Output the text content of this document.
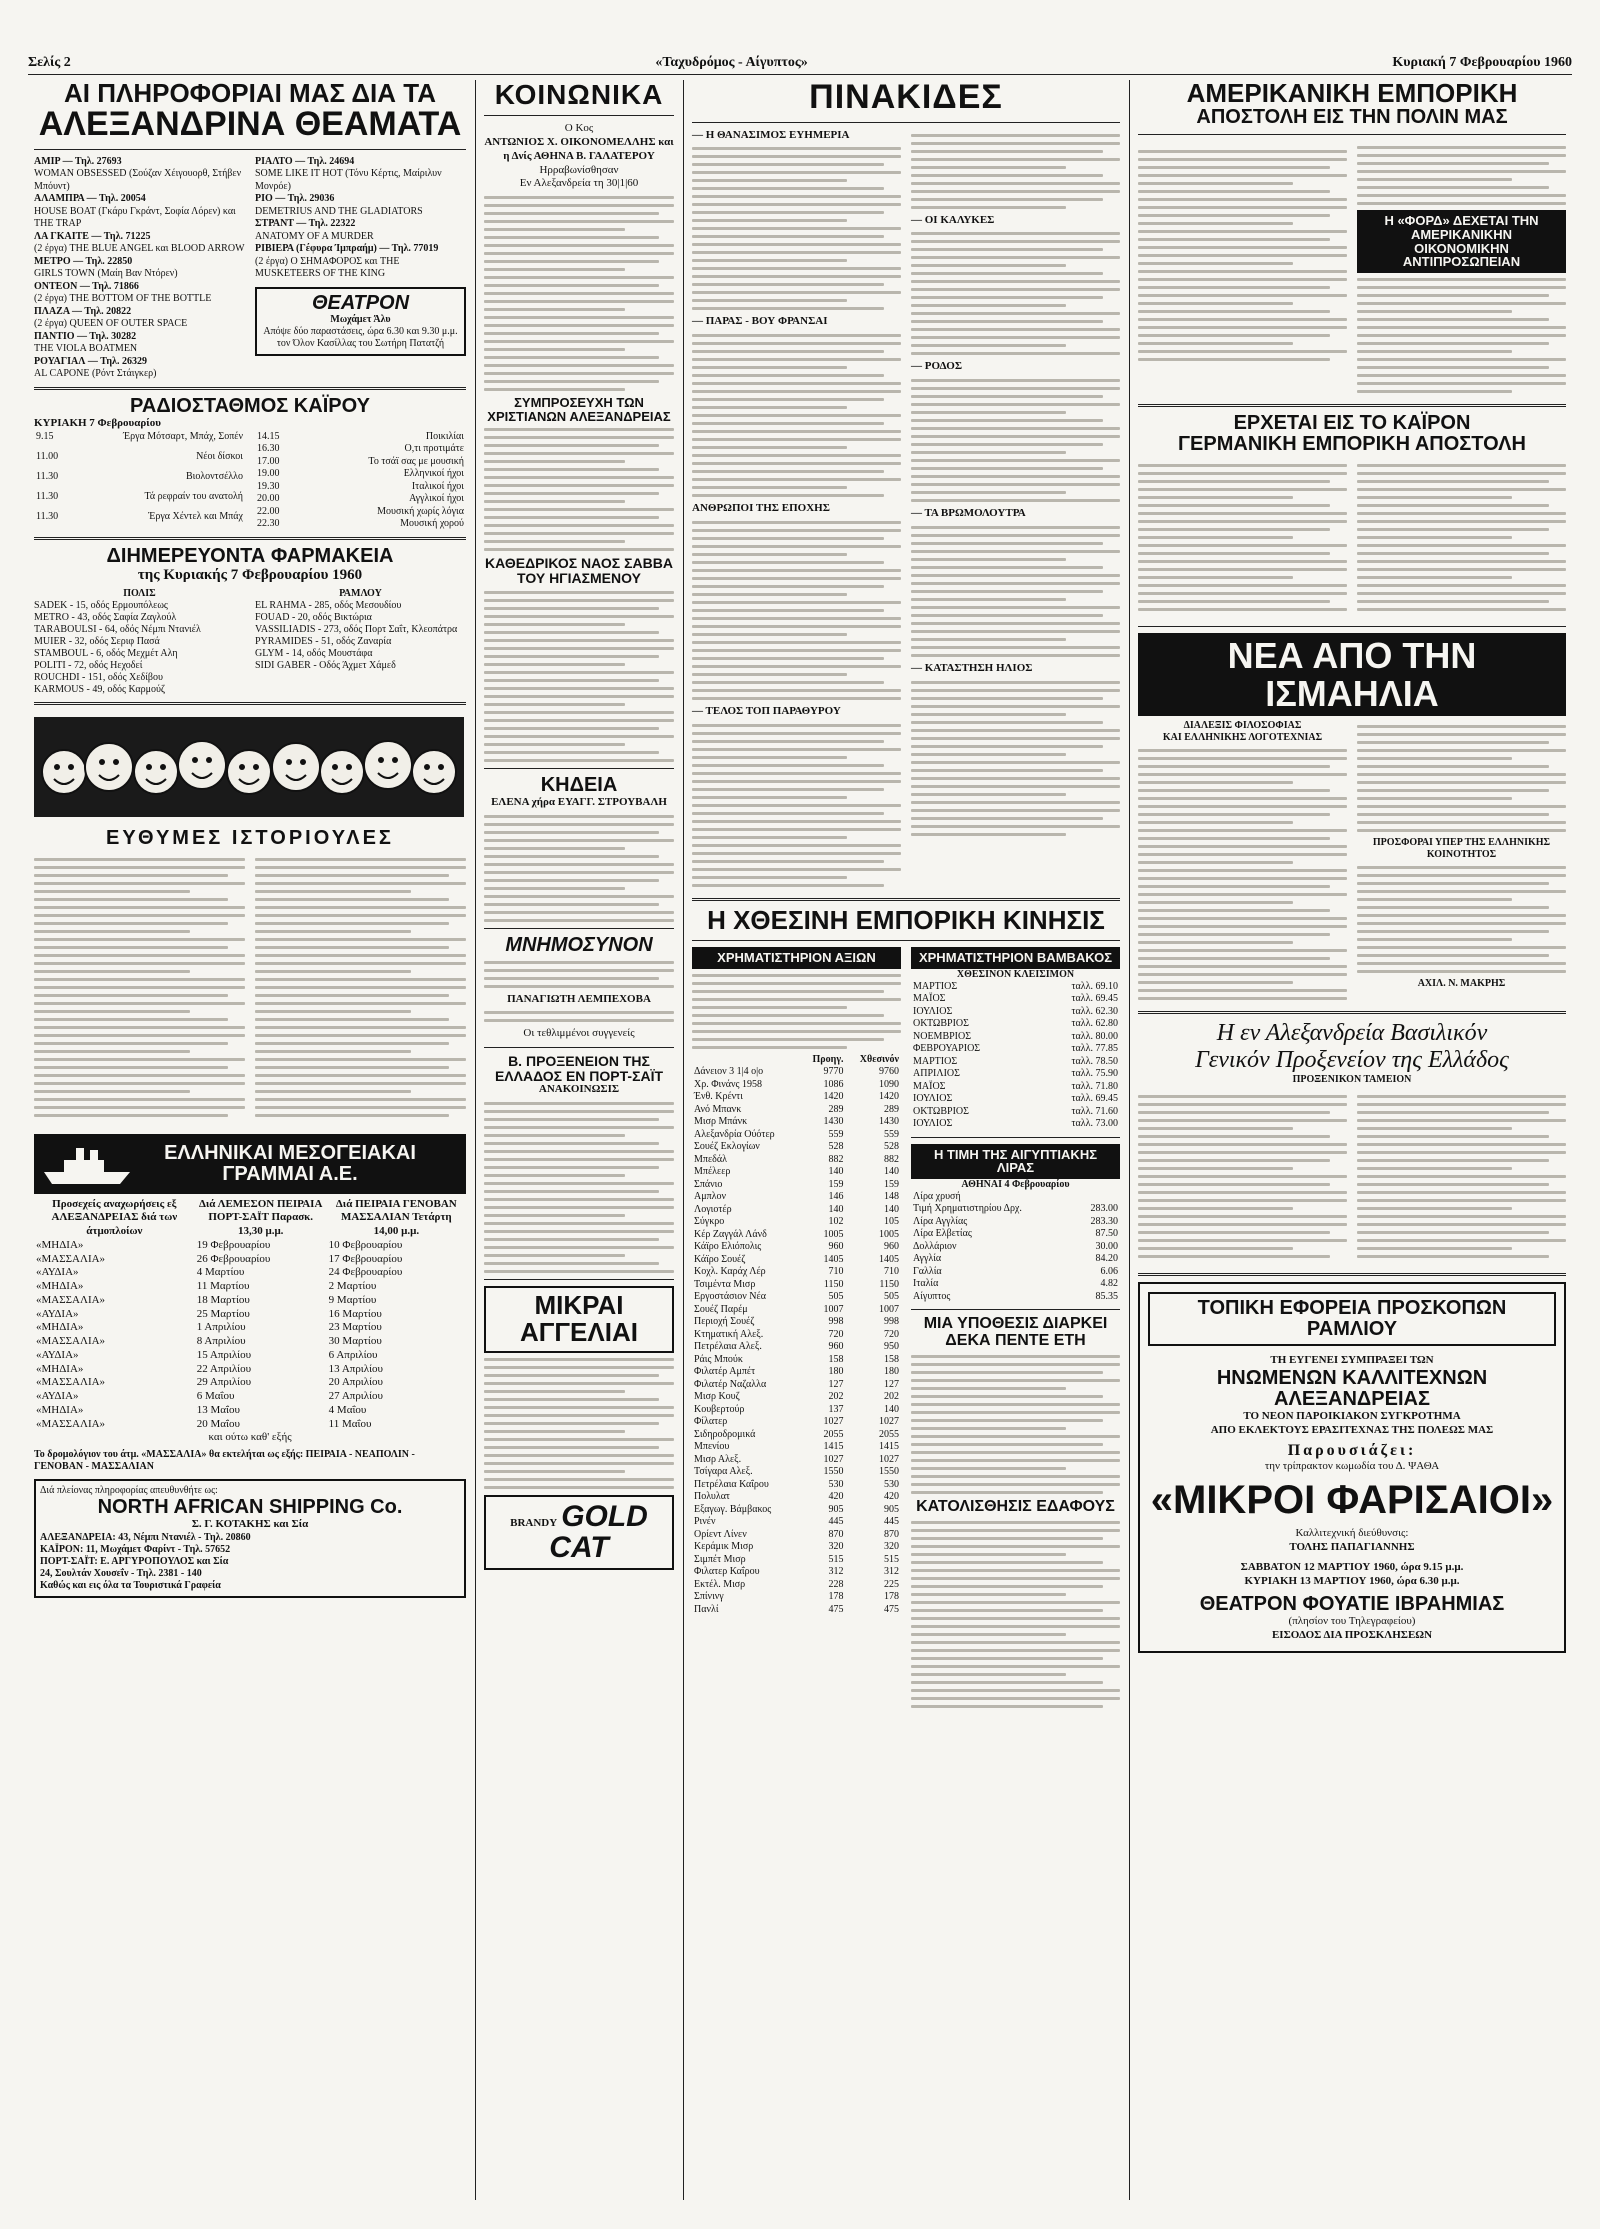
Σελίς 2	«Ταχυδρόμος - Αίγυπτος»	Κυριακή 7 Φεβρουαρίου 1960
ΑΙ ΠΛΗΡΟΦΟΡΙΑΙ ΜΑΣ ΔΙΑ ΤΑ
ΑΛΕΞΑΝΔΡΙΝΑ ΘΕΑΜΑΤΑ
ΑΜΙΡ — Τηλ. 27693
WOMAN OBSESSED (Σούζαν Χέιγουορθ, Στήβεν Μπόυντ)
ΑΛΑΜΠΡΑ — Τηλ. 20054
HOUSE BOAT (Γκάρυ Γκράντ, Σοφία Λόρεν) και THE TRAP
ΛΑ ΓΚΑΙΤΕ — Τηλ. 71225
(2 έργα) THE BLUE ANGEL και BLOOD ARROW
ΜΕΤΡΟ — Τηλ. 22850
GIRLS TOWN (Μαίη Βαν Ντόρεν)
ΟΝΤΕΟΝ — Τηλ. 71866
(2 έργα) THE BOTTOM OF THE BOTTLE
ΠΛΑΖΑ — Τηλ. 20822
(2 έργα) QUEEN OF OUTER SPACE
ΠΑΝΤΙΟ — Τηλ. 30282
THE VIOLA BOATMEN
ΡΟΥΑΓΙΑΛ — Τηλ. 26329
AL CAPONE (Ρόντ Στάιγκερ)
ΡΙΑΛΤΟ — Τηλ. 24694
SOME LIKE IT HOT (Τόνυ Κέρτις, Μαίριλυν Μονρόε)
ΡΙΟ — Τηλ. 29036
DEMETRIUS AND THE GLADIATORS
ΣΤΡΑΝΤ — Τηλ. 22322
ANATOMY OF A MURDER
ΡΙΒΙΕΡΑ (Γέφυρα Ίμπραήμ) — Τηλ. 77019
(2 έργα) Ο ΣΗΜΑΦΟΡΟΣ και THE MUSKETEERS OF THE KING
ΘΕΑΤΡΟΝ
Μωχάμετ Άλυ
Απόψε δύο παραστάσεις, ώρα 6.30 και 9.30 μ.μ. τον Όλον Κασίλλας του Σωτήρη Πατατζή
ΡΑΔΙΟΣΤΑΘΜΟΣ ΚΑΪΡΟΥ
ΚΥΡΙΑΚΗ 7 Φεβρουαρίου
9.15	Έργα Μότσαρτ, Μπάχ, Σοπέν
11.00	Νέοι δίσκοι
11.30	Βιολοντσέλλο
11.30	Τά ρεφραίν του ανατολή
11.30	Έργα Χέντελ και Μπάχ
14.15	Ποικιλίαι
16.30	Ο,τι προτιμάτε
17.00	Το τσάϊ σας με μουσική
19.00	Ελληνικοί ήχοι
19.30	Ιταλικοί ήχοι
20.00	Αγγλικοί ήχοι
22.00	Μουσική χωρίς λόγια
22.30	Μουσική χορού
ΔΙΗΜΕΡΕΥΟΝΤΑ ΦΑΡΜΑΚΕΙΑ
της Κυριακής 7 Φεβρουαρίου 1960
ΠΟΛΙΣ
SADEK - 15, οδός Ερμουπόλεως
METRO - 43, οδός Σαφία Ζαγλούλ
TARABOULSI - 64, οδός Νέμπι Ντανιέλ
MUIER - 32, οδός Σεριφ Πασά
STAMBOUL - 6, οδός Μεχμέτ Αλη
POLITI - 72, οδός Ηεχοδεί
ROUCHDI - 151, οδός Χεδίβου
KARMOUS - 49, οδός Καρμούζ
ΡΑΜΛΟΥ
EL RAHMA - 285, οδός Μεσουδίου
FOUAD - 20, οδός Βικτώρια
VASSILIADIS - 273, οδός Πορτ Σαΐτ, Κλεοπάτρα
PYRAMIDES - 51, οδός Ζαναρία
GLYM - 14, οδός Μουστάφα
SIDI GABER - Οδός Άχμετ Χάμεδ
ΕΥΘΥΜΕΣ ΙΣΤΟΡΙΟΥΛΕΣ
ΕΛΛΗΝΙΚΑΙ ΜΕΣΟΓΕΙΑΚΑΙ
ΓΡΑΜΜΑΙ Α.Ε.
Προσεχείς αναχωρήσεις εξ ΑΛΕΞΑΝΔΡΕΙΑΣ διά των άτμοπλοίων	Διά ΛΕΜΕΣΟΝ ΠΕΙΡΑΙΑ ΠΟΡΤ-ΣΑΪΤ Παρασκ. 13,30 μ.μ.	Διά ΠΕΙΡΑΙΑ ΓΕΝΟΒΑΝ ΜΑΣΣΑΛΙΑΝ Τετάρτη 14,00 μ.μ.
«ΜΗΔΙΑ»	19 Φεβρουαρίου	10 Φεβρουαρίου
«ΜΑΣΣΑΛΙΑ»	26 Φεβρουαρίου	17 Φεβρουαρίου
«ΑΥΔΙΑ»	4 Μαρτίου	24 Φεβρουαρίου
«ΜΗΔΙΑ»	11 Μαρτίου	2 Μαρτίου
«ΜΑΣΣΑΛΙΑ»	18 Μαρτίου	9 Μαρτίου
«ΑΥΔΙΑ»	25 Μαρτίου	16 Μαρτίου
«ΜΗΔΙΑ»	1 Απριλίου	23 Μαρτίου
«ΜΑΣΣΑΛΙΑ»	8 Απριλίου	30 Μαρτίου
«ΑΥΔΙΑ»	15 Απριλίου	6 Απριλίου
«ΜΗΔΙΑ»	22 Απριλίου	13 Απριλίου
«ΜΑΣΣΑΛΙΑ»	29 Απριλίου	20 Απριλίου
«ΑΥΔΙΑ»	6 Μαΐου	27 Απριλίου
«ΜΗΔΙΑ»	13 Μαΐου	4 Μαΐου
«ΜΑΣΣΑΛΙΑ»	20 Μαΐου	11 Μαΐου
και ούτω καθ' εξής
Το δρομολόγιον του άτμ. «ΜΑΣΣΑΛΙΑ» θα εκτελήται ως εξής: ΠΕΙΡΑΙΑ - ΝΕΑΠΟΛΙΝ - ΓΕΝΟΒΑΝ - ΜΑΣΣΑΛΙΑΝ
Διά πλείονας πληροφορίας απευθυνθήτε ως:
NORTH AFRICAN SHIPPING Co.
Σ. Γ. ΚΟΤΑΚΗΣ και Σία
ΑΛΕΞΑΝΔΡΕΙΑ: 43, Νέμπι Ντανιέλ - Τηλ. 20860
ΚΑΪΡΟΝ: 11, Μωχάμετ Φαρίντ - Τηλ. 57652
ΠΟΡΤ-ΣΑΪΤ: Ε. ΑΡΓΥΡΟΠΟΥΛΟΣ και Σία
24, Σουλτάν Χουσεΐν - Τηλ. 2381 - 140
Καθώς και εις όλα τα Τουριστικά Γραφεία
ΚΟΙΝΩΝΙΚΑ
Ο Κος
ΑΝΤΩΝΙΟΣ Χ. ΟΙΚΟΝΟΜΕΛΛΗΣ και η Δνίς ΑΘΗΝΑ Β. ΓΑΛΑΤΕΡΟΥ
Ηρραβωνίσθησαν
Εν Αλεξανδρεία τη 30|1|60
ΣΥΜΠΡΟΣΕΥΧΗ ΤΩΝ ΧΡΙΣΤΙΑΝΩΝ ΑΛΕΞΑΝΔΡΕΙΑΣ
ΚΑΘΕΔΡΙΚΟΣ ΝΑΟΣ ΣΑΒΒΑ ΤΟΥ ΗΓΙΑΣΜΕΝΟΥ
ΚΗΔΕΙΑ
ΕΛΕΝΑ χήρα ΕΥΑΓΓ. ΣΤΡΟΥΒΑΛΗ
ΜΝΗΜΟΣΥΝΟΝ
ΠΑΝΑΓΙΩΤΗ ΛΕΜΠΕΧΟΒΑ
Οι τεθλιμμένοι συγγενείς
Β. ΠΡΟΞΕΝΕΙΟΝ ΤΗΣ ΕΛΛΑΔΟΣ ΕΝ ΠΟΡΤ-ΣΑΪΤ
ΑΝΑΚΟΙΝΩΣΙΣ
ΜΙΚΡΑΙ ΑΓΓΕΛΙΑΙ
BRANDY GOLD CAT
ΠΙΝΑΚΙΔΕΣ
— Η ΘΑΝΑΣΙΜΟΣ ΕΥΗΜΕΡΙΑ
— ΠΑΡΑΣ - ΒΟΥ ΦΡΑΝΣΑΙ
ΑΝΘΡΩΠΟΙ ΤΗΣ ΕΠΟΧΗΣ
— ΤΕΛΟΣ ΤΟΠ ΠΑΡΑΘΥΡΟΥ
— ΟΙ ΚΑΛΥΚΕΣ
— ΡΟΔΟΣ
— ΤΑ ΒΡΩΜΟΛΟΥΤΡΑ
— ΚΑΤΑΣΤΗΣΗ ΗΛΙΟΣ
Η ΧΘΕΣΙΝΗ ΕΜΠΟΡΙΚΗ ΚΙΝΗΣΙΣ
ΧΡΗΜΑΤΙΣΤΗΡΙΟΝ ΑΞΙΩΝ
	Προηγ.	Χθεσινόν
Δάνειον 3 1|4 ο|ο	9770	9760
Χρ. Φινάνς 1958	1086	1090
Ένθ. Κρέντι	1420	1420
Ανό Μπανκ	289	289
Μισρ Μπάνκ	1430	1430
Αλεξανδρία Ούότερ	559	559
Σουέζ Εκλογίων	528	528
Μπεδάλ	882	882
Μπέλεερ	140	140
Σπάνιο	159	159
Αμπλον	146	148
Λογιοτέρ	140	140
Σύγκρο	102	105
Κέρ Ζαγγάλ Λάνδ	1005	1005
Κάϊρο Ελιόπολις	960	960
Κάϊρο Σουέζ	1405	1405
Κοχλ. Καράχ Λέρ	710	710
Τσιμέντα Μισρ	1150	1150
Εργοστάσιον Νέα	505	505
Σουέζ Παρέμ	1007	1007
Περιοχή Σουέζ	998	998
Κτηματική Αλεξ.	720	720
Πετρέλαια Αλεξ.	960	950
Ράις Μπούκ	158	158
Φιλατέρ Αμπέτ	180	180
Φιλατέρ Ναζαλλα	127	127
Μισρ Κουζ	202	202
Κουβερτούρ	137	140
Φίλατερ	1027	1027
Σιδηροδρομικά	2055	2055
Μπενίου	1415	1415
Μισρ Αλεξ.	1027	1027
Τσίγαρα Αλεξ.	1550	1550
Πετρέλαια Καΐρου	530	530
Πολυλατ	420	420
Εξαγωγ. Βάμβακος	905	905
Ρινέν	445	445
Ορίεντ Λίνεν	870	870
Κεράμικ Μισρ	320	320
Σιμπέτ Μισρ	515	515
Φιλατερ Καΐρου	312	312
Εκτέλ. Μισρ	228	225
Σπίνινγ	178	178
Πανλί	475	475
ΧΡΗΜΑΤΙΣΤΗΡΙΟΝ ΒΑΜΒΑΚΟΣ
ΧΘΕΣΙΝΟΝ ΚΛΕΙΣΙΜΟΝ
ΜΑΡΤΙΟΣ	ταλλ. 69.10
ΜΑΪΟΣ	ταλλ. 69.45
ΙΟΥΛΙΟΣ	ταλλ. 62.30
ΟΚΤΩΒΡΙΟΣ	ταλλ. 62.80
ΝΟΕΜΒΡΙΟΣ	ταλλ. 80.00
ΦΕΒΡΟΥΑΡΙΟΣ	ταλλ. 77.85
ΜΑΡΤΙΟΣ	ταλλ. 78.50
ΑΠΡΙΛΙΟΣ	ταλλ. 75.90
ΜΑΪΟΣ	ταλλ. 71.80
ΙΟΥΛΙΟΣ	ταλλ. 69.45
ΟΚΤΩΒΡΙΟΣ	ταλλ. 71.60
ΙΟΥΛΙΟΣ	ταλλ. 73.00
Η ΤΙΜΗ ΤΗΣ ΑΙΓΥΠΤΙΑΚΗΣ ΛΙΡΑΣ
ΑΘΗΝΑΙ 4 Φεβρουαρίου
Λίρα χρυσή	
Τιμή Χρηματιστηρίου Δρχ.	283.00
Λίρα Αγγλίας	283.30
Λίρα Ελβετίας	87.50
Δολλάριον	30.00
Αγγλία	84.20
Γαλλία	6.06
Ιταλία	4.82
Αίγυπτος	85.35
ΜΙΑ ΥΠΟΘΕΣΙΣ ΔΙΑΡΚΕΙ ΔΕΚΑ ΠΕΝΤΕ ΕΤΗ
ΚΑΤΟΛΙΣΘΗΣΙΣ ΕΔΑΦΟΥΣ
ΑΜΕΡΙΚΑΝΙΚΗ ΕΜΠΟΡΙΚΗ
ΑΠΟΣΤΟΛΗ ΕΙΣ ΤΗΝ ΠΟΛΙΝ ΜΑΣ
Η «ΦΟΡΔ» ΔΕΧΕΤΑΙ ΤΗΝ ΑΜΕΡΙΚΑΝΙΚΗΝ ΟΙΚΟΝΟΜΙΚΗΝ ΑΝΤΙΠΡΟΣΩΠΕΙΑΝ
ΕΡΧΕΤΑΙ ΕΙΣ ΤΟ ΚΑΪΡΟΝ
ΓΕΡΜΑΝΙΚΗ ΕΜΠΟΡΙΚΗ ΑΠΟΣΤΟΛΗ
ΝΕΑ ΑΠΟ ΤΗΝ ΙΣΜΑΗΛΙΑ
ΔΙΑΛΕΞΙΣ ΦΙΛΟΣΟΦΙΑΣ
ΚΑΙ ΕΛΛΗΝΙΚΗΣ ΛΟΓΟΤΕΧΝΙΑΣ
ΠΡΟΣΦΟΡΑΙ ΥΠΕΡ ΤΗΣ ΕΛΛΗΝΙΚΗΣ ΚΟΙΝΟΤΗΤΟΣ
ΑΧΙΛ. Ν. ΜΑΚΡΗΣ
Η εν Αλεξανδρεία Βασιλικόν
Γενικόν Προξενείον της Ελλάδος
ΠΡΟΞΕΝΙΚΟΝ ΤΑΜΕΙΟΝ
ΤΟΠΙΚΗ ΕΦΟΡΕΙΑ ΠΡΟΣΚΟΠΩΝ ΡΑΜΛΙΟΥ
ΤΗ ΕΥΓΕΝΕΙ ΣΥΜΠΡΑΞΕΙ ΤΩΝ
ΗΝΩΜΕΝΩΝ ΚΑΛΛΙΤΕΧΝΩΝ ΑΛΕΞΑΝΔΡΕΙΑΣ
ΤΟ ΝΕΟΝ ΠΑΡΟΙΚΙΑΚΟΝ ΣΥΓΚΡΟΤΗΜΑ
ΑΠΟ ΕΚΛΕΚΤΟΥΣ ΕΡΑΣΙΤΕΧΝΑΣ ΤΗΣ ΠΟΛΕΩΣ ΜΑΣ
Παρουσιάζει:
την τρίπρακτον κωμωδία του Δ. ΨΑΘΑ
«ΜΙΚΡΟΙ ΦΑΡΙΣΑΙΟΙ»
Καλλιτεχνική διεύθυνσις:
ΤΟΛΗΣ ΠΑΠΑΓΙΑΝΝΗΣ
ΣΑΒΒΑΤΟΝ 12 ΜΑΡΤΙΟΥ 1960, ώρα 9.15 μ.μ.
ΚΥΡΙΑΚΗ 13 ΜΑΡΤΙΟΥ 1960, ώρα 6.30 μ.μ.
ΘΕΑΤΡΟΝ ΦΟΥΑΤΙΕ ΙΒΡΑΗΜΙΑΣ
(πλησίον του Τηλεγραφείου)
ΕΙΣΟΔΟΣ ΔΙΑ ΠΡΟΣΚΛΗΣΕΩΝ
